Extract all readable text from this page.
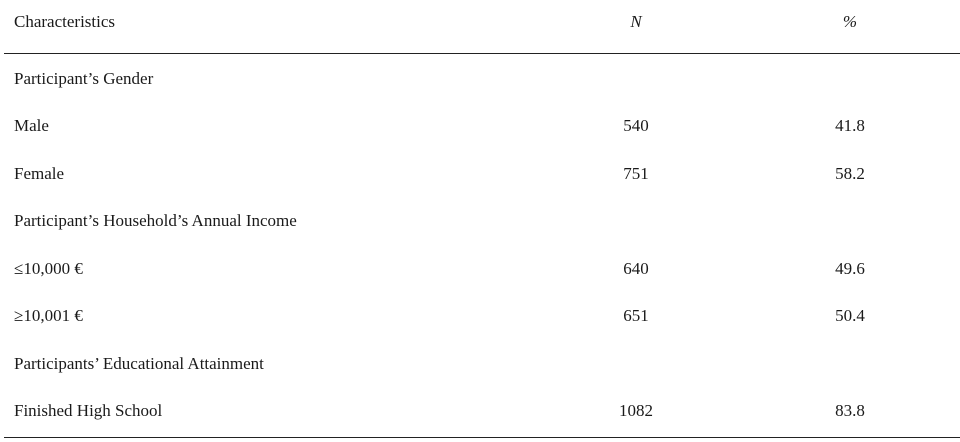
Characteristics	N	%
Participant’s Gender
Male	540	41.8
Female	751	58.2
Participant’s Household’s Annual Income
≤10,000 €	640	49.6
≥10,001 €	651	50.4
Participants’ Educational Attainment
Finished High School	1082	83.8
